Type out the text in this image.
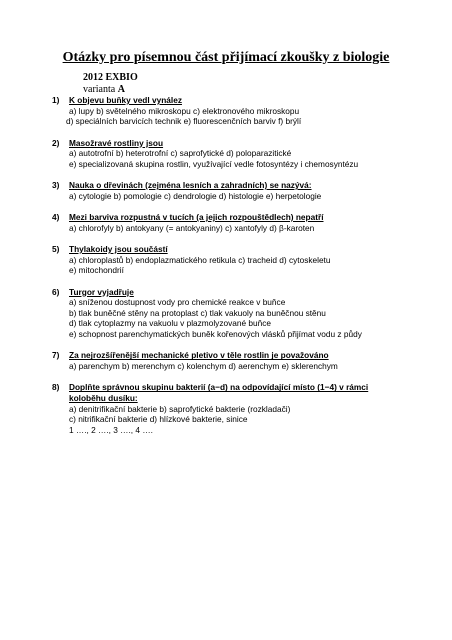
Otázky pro písemnou část přijímací zkoušky z biologie
2012 EXBIO
varianta A
1) K objevu buňky vedl vynález
a) lupy b) světelného mikroskopu c) elektronového mikroskopu
d) speciálních barvicích technik e) fluorescenčních barviv f) brýlí
2) Masožravé rostliny jsou
a) autotrofní b) heterotrofní c) saprofytické d) poloparazitické
e) specializovaná skupina rostlin, využívající vedle fotosyntézy i chemosyntézu
3) Nauka o dřevinách (zejména lesních a zahradních) se nazývá:
a) cytologie b) pomologie c) dendrologie d) histologie e) herpetologie
4) Mezi barviva rozpustná v tucích (a jejich rozpouštědlech) nepatří
a) chlorofyly b) antokyany (= antokyaniny) c) xantofyly d) β-karoten
5) Thylakoidy jsou součástí
a) chloroplastů b) endoplazmatického retikula c) tracheid d) cytoskeletu
e) mitochondrií
6) Turgor vyjadřuje
a) sníženou dostupnost vody pro chemické reakce v buňce
b) tlak buněčné stěny na protoplast c) tlak vakuoly na buněčnou stěnu
d) tlak cytoplazmy na vakuolu v plazmolyzované buňce
e) schopnost parenchymatických buněk kořenových vlásků přijímat vodu z půdy
7) Za nejrozšířenější mechanické pletivo v těle rostlin je považováno
a) parenchym b) merenchym c) kolenchym d) aerenchym e) sklerenchym
8) Doplňte správnou skupinu bakterií (a−d) na odpovídající místo (1−4) v rámci koloběhu dusíku:
a) denitrifikační bakterie b) saprofytické bakterie (rozkladači)
c) nitrifikační bakterie d) hlízkové bakterie, sinice
1 …., 2 …., 3 …., 4 ….
